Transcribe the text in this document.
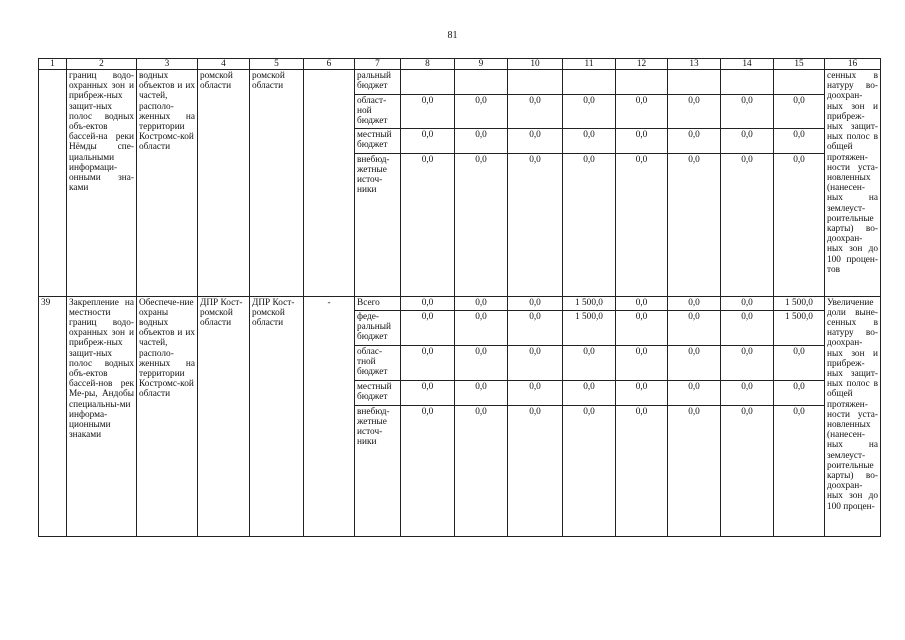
81
1	2	3	4	5	6	7	8	9	10	11	12	13	14	15	16
	границ водо-охранных зон и прибреж-ных защит-ных полос водных объ-ектов бассей-на реки Нёмды спе-циальными информаци-онными зна-ками	водных объектов и их частей, располо-женных на территории Костромс-кой области	ромской области	ромской области		ральный бюджет									сенных в натуру во-доохран-ных зон и прибреж-ных защит-ных полос в общей протяжен-ности уста-новленных (нанесен-ных на землеуст-роительные карты) во-доохран-ных зон до 100 процен-тов
						област-ной бюджет	0,0	0,0	0,0	0,0	0,0	0,0	0,0	0,0	
						местный бюджет	0,0	0,0	0,0	0,0	0,0	0,0	0,0	0,0	
						внебюд-жетные источ-ники	0,0	0,0	0,0	0,0	0,0	0,0	0,0	0,0	
39	Закрепление на местности границ водо-охранных зон и прибреж-ных защит-ных полос водных объ-ектов бассей-нов рек Ме-ры, Андобы специальны-ми информа-ционными знаками	Обеспече-ние охраны водных объектов и их частей, располо-женных на территории Костромс-кой области	ДПР Кост-ромской области	ДПР Кост-ромской области	-	Всего	0,0	0,0	0,0	1 500,0	0,0	0,0	0,0	1 500,0	Увеличение доли выне-сенных в натуру во-доохран-ных зон и прибреж-ных защит-ных полос в общей протяжен-ности уста-новленных (нанесен-ных на землеуст-роительные карты) во-доохран-ных зон до 100 процен-
						феде-ральный бюджет	0,0	0,0	0,0	1 500,0	0,0	0,0	0,0	1 500,0	
						облас-тной бюджет	0,0	0,0	0,0	0,0	0,0	0,0	0,0	0,0	
						местный бюджет	0,0	0,0	0,0	0,0	0,0	0,0	0,0	0,0	
						внебюд-жетные источ-ники	0,0	0,0	0,0	0,0	0,0	0,0	0,0	0,0	
